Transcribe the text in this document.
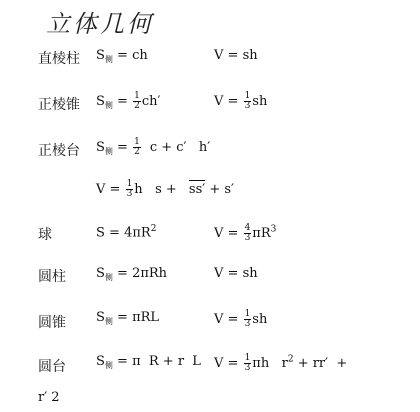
立体几何
直棱柱 $S_侧$ = ch	V = sh
正棱锥 $S_侧 = \frac{1}{2} ch'$	$V = \frac{1}{3}$ sh
正棱台 $S_侧 = \frac{1}{2}$ c + c′   h′
$V = \frac{1}{3}$ h   s + ss′ + s′
球	$S = 4\pi R^2$	$V = \frac{4}{3} \pi R^3$
圆柱 $S_侧 = 2\pi Rh$	V = sh
圆锥 $S_侧 = \pi RL$	$V = \frac{1}{3}$ sh
圆台 $S_侧 = \pi$  R + r  L $V = \frac{1}{3}$ πh   $r^2 + rr'$  +
r′ 2
